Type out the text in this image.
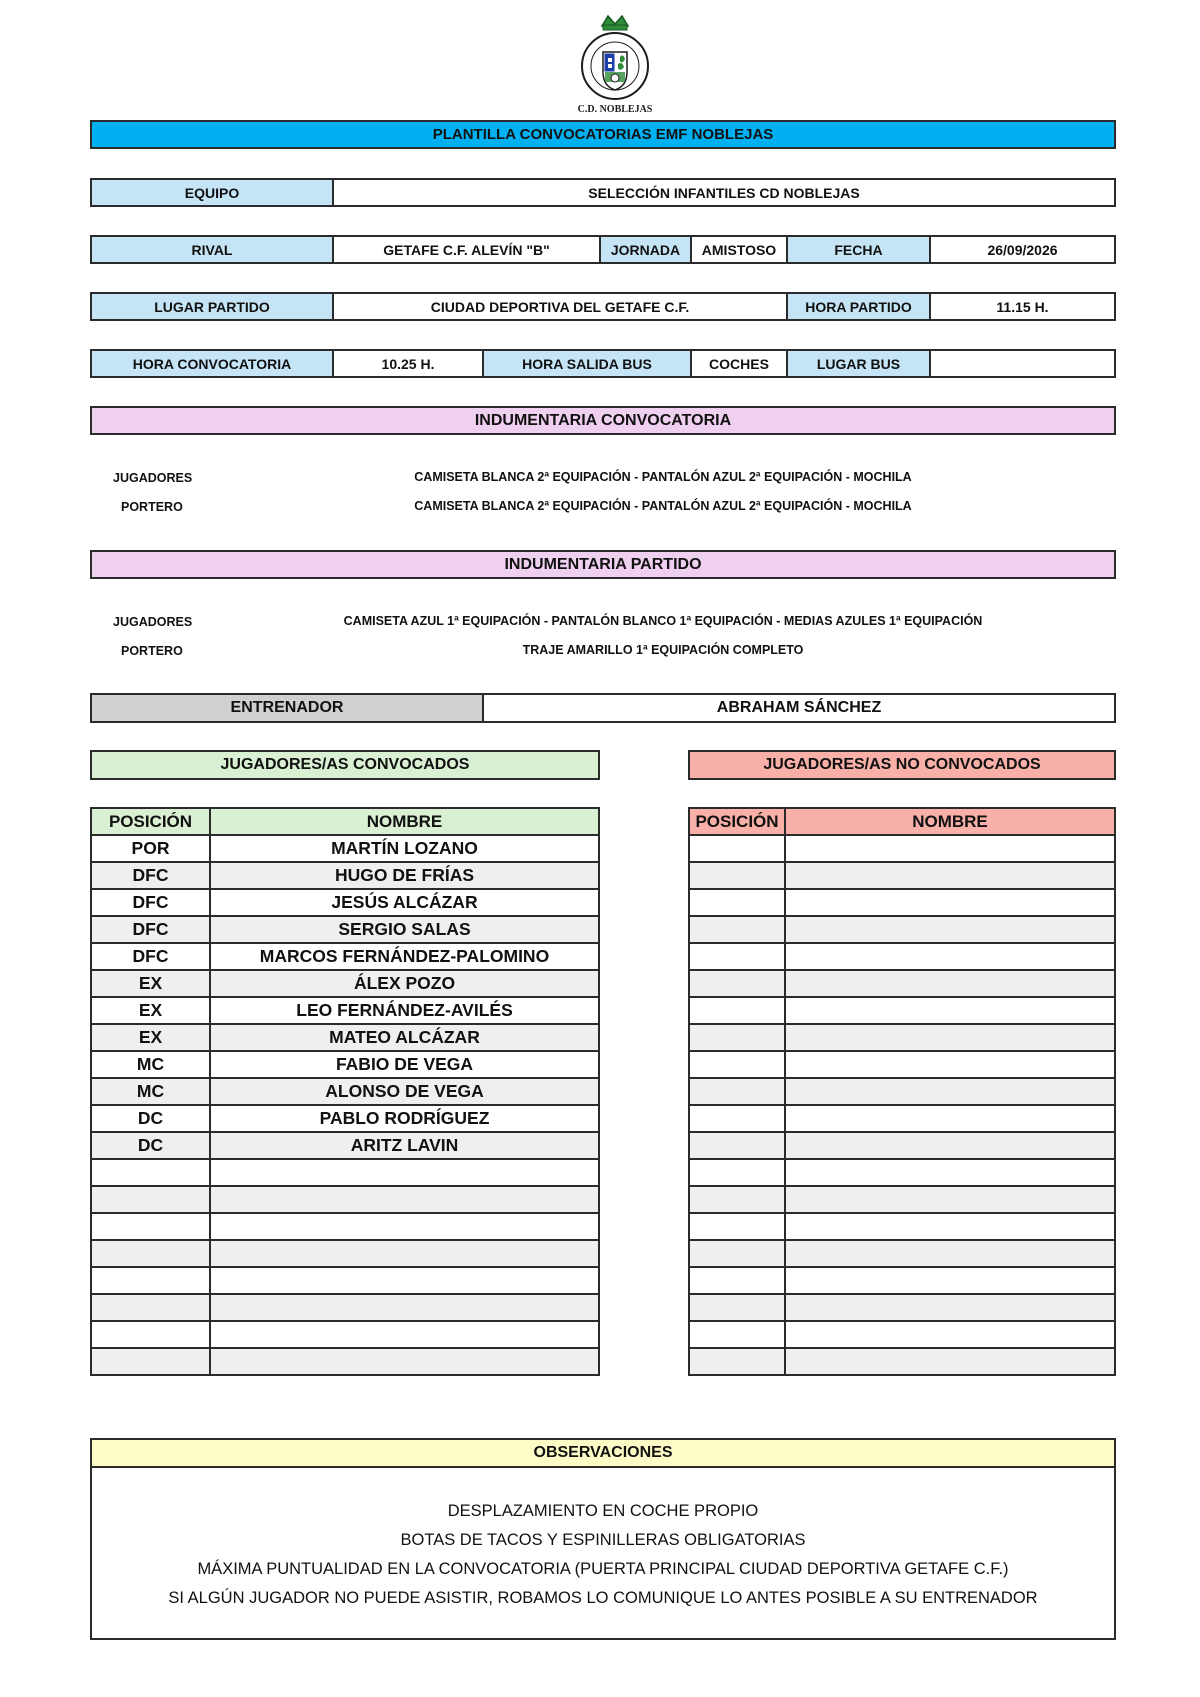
C.D. NOBLEJAS
PLANTILLA CONVOCATORIAS EMF NOBLEJAS
EQUIPO	SELECCIÓN INFANTILES CD NOBLEJAS
RIVAL	GETAFE C.F. ALEVÍN "B"	JORNADA	AMISTOSO	FECHA	26/09/2026
LUGAR PARTIDO	CIUDAD DEPORTIVA DEL GETAFE C.F.	HORA PARTIDO	11.15 H.
HORA CONVOCATORIA	10.25 H.	HORA SALIDA BUS	COCHES	LUGAR BUS
INDUMENTARIA CONVOCATORIA
JUGADORES	CAMISETA BLANCA 2ª EQUIPACIÓN - PANTALÓN AZUL 2ª EQUIPACIÓN - MOCHILA
PORTERO	CAMISETA BLANCA 2ª EQUIPACIÓN - PANTALÓN AZUL 2ª EQUIPACIÓN - MOCHILA
INDUMENTARIA PARTIDO
JUGADORES	CAMISETA AZUL 1ª EQUIPACIÓN - PANTALÓN BLANCO 1ª EQUIPACIÓN - MEDIAS AZULES 1ª EQUIPACIÓN
PORTERO	TRAJE AMARILLO 1ª EQUIPACIÓN COMPLETO
ENTRENADOR	ABRAHAM SÁNCHEZ
JUGADORES/AS CONVOCADOS	JUGADORES/AS NO CONVOCADOS
POSICIÓN	NOMBRE
POR	MARTÍN LOZANO
DFC	HUGO DE FRÍAS
DFC	JESÚS ALCÁZAR
DFC	SERGIO SALAS
DFC	MARCOS FERNÁNDEZ-PALOMINO
EX	ÁLEX POZO
EX	LEO FERNÁNDEZ-AVILÉS
EX	MATEO ALCÁZAR
MC	FABIO DE VEGA
MC	ALONSO DE VEGA
DC	PABLO RODRÍGUEZ
DC	ARITZ LAVIN

POSICIÓN	NOMBRE

OBSERVACIONES
DESPLAZAMIENTO EN COCHE PROPIO
BOTAS DE TACOS Y ESPINILLERAS OBLIGATORIAS
MÁXIMA PUNTUALIDAD EN LA CONVOCATORIA (PUERTA PRINCIPAL CIUDAD DEPORTIVA GETAFE C.F.)
SI ALGÚN JUGADOR NO PUEDE ASISTIR, ROBAMOS LO COMUNIQUE LO ANTES POSIBLE A SU ENTRENADOR
